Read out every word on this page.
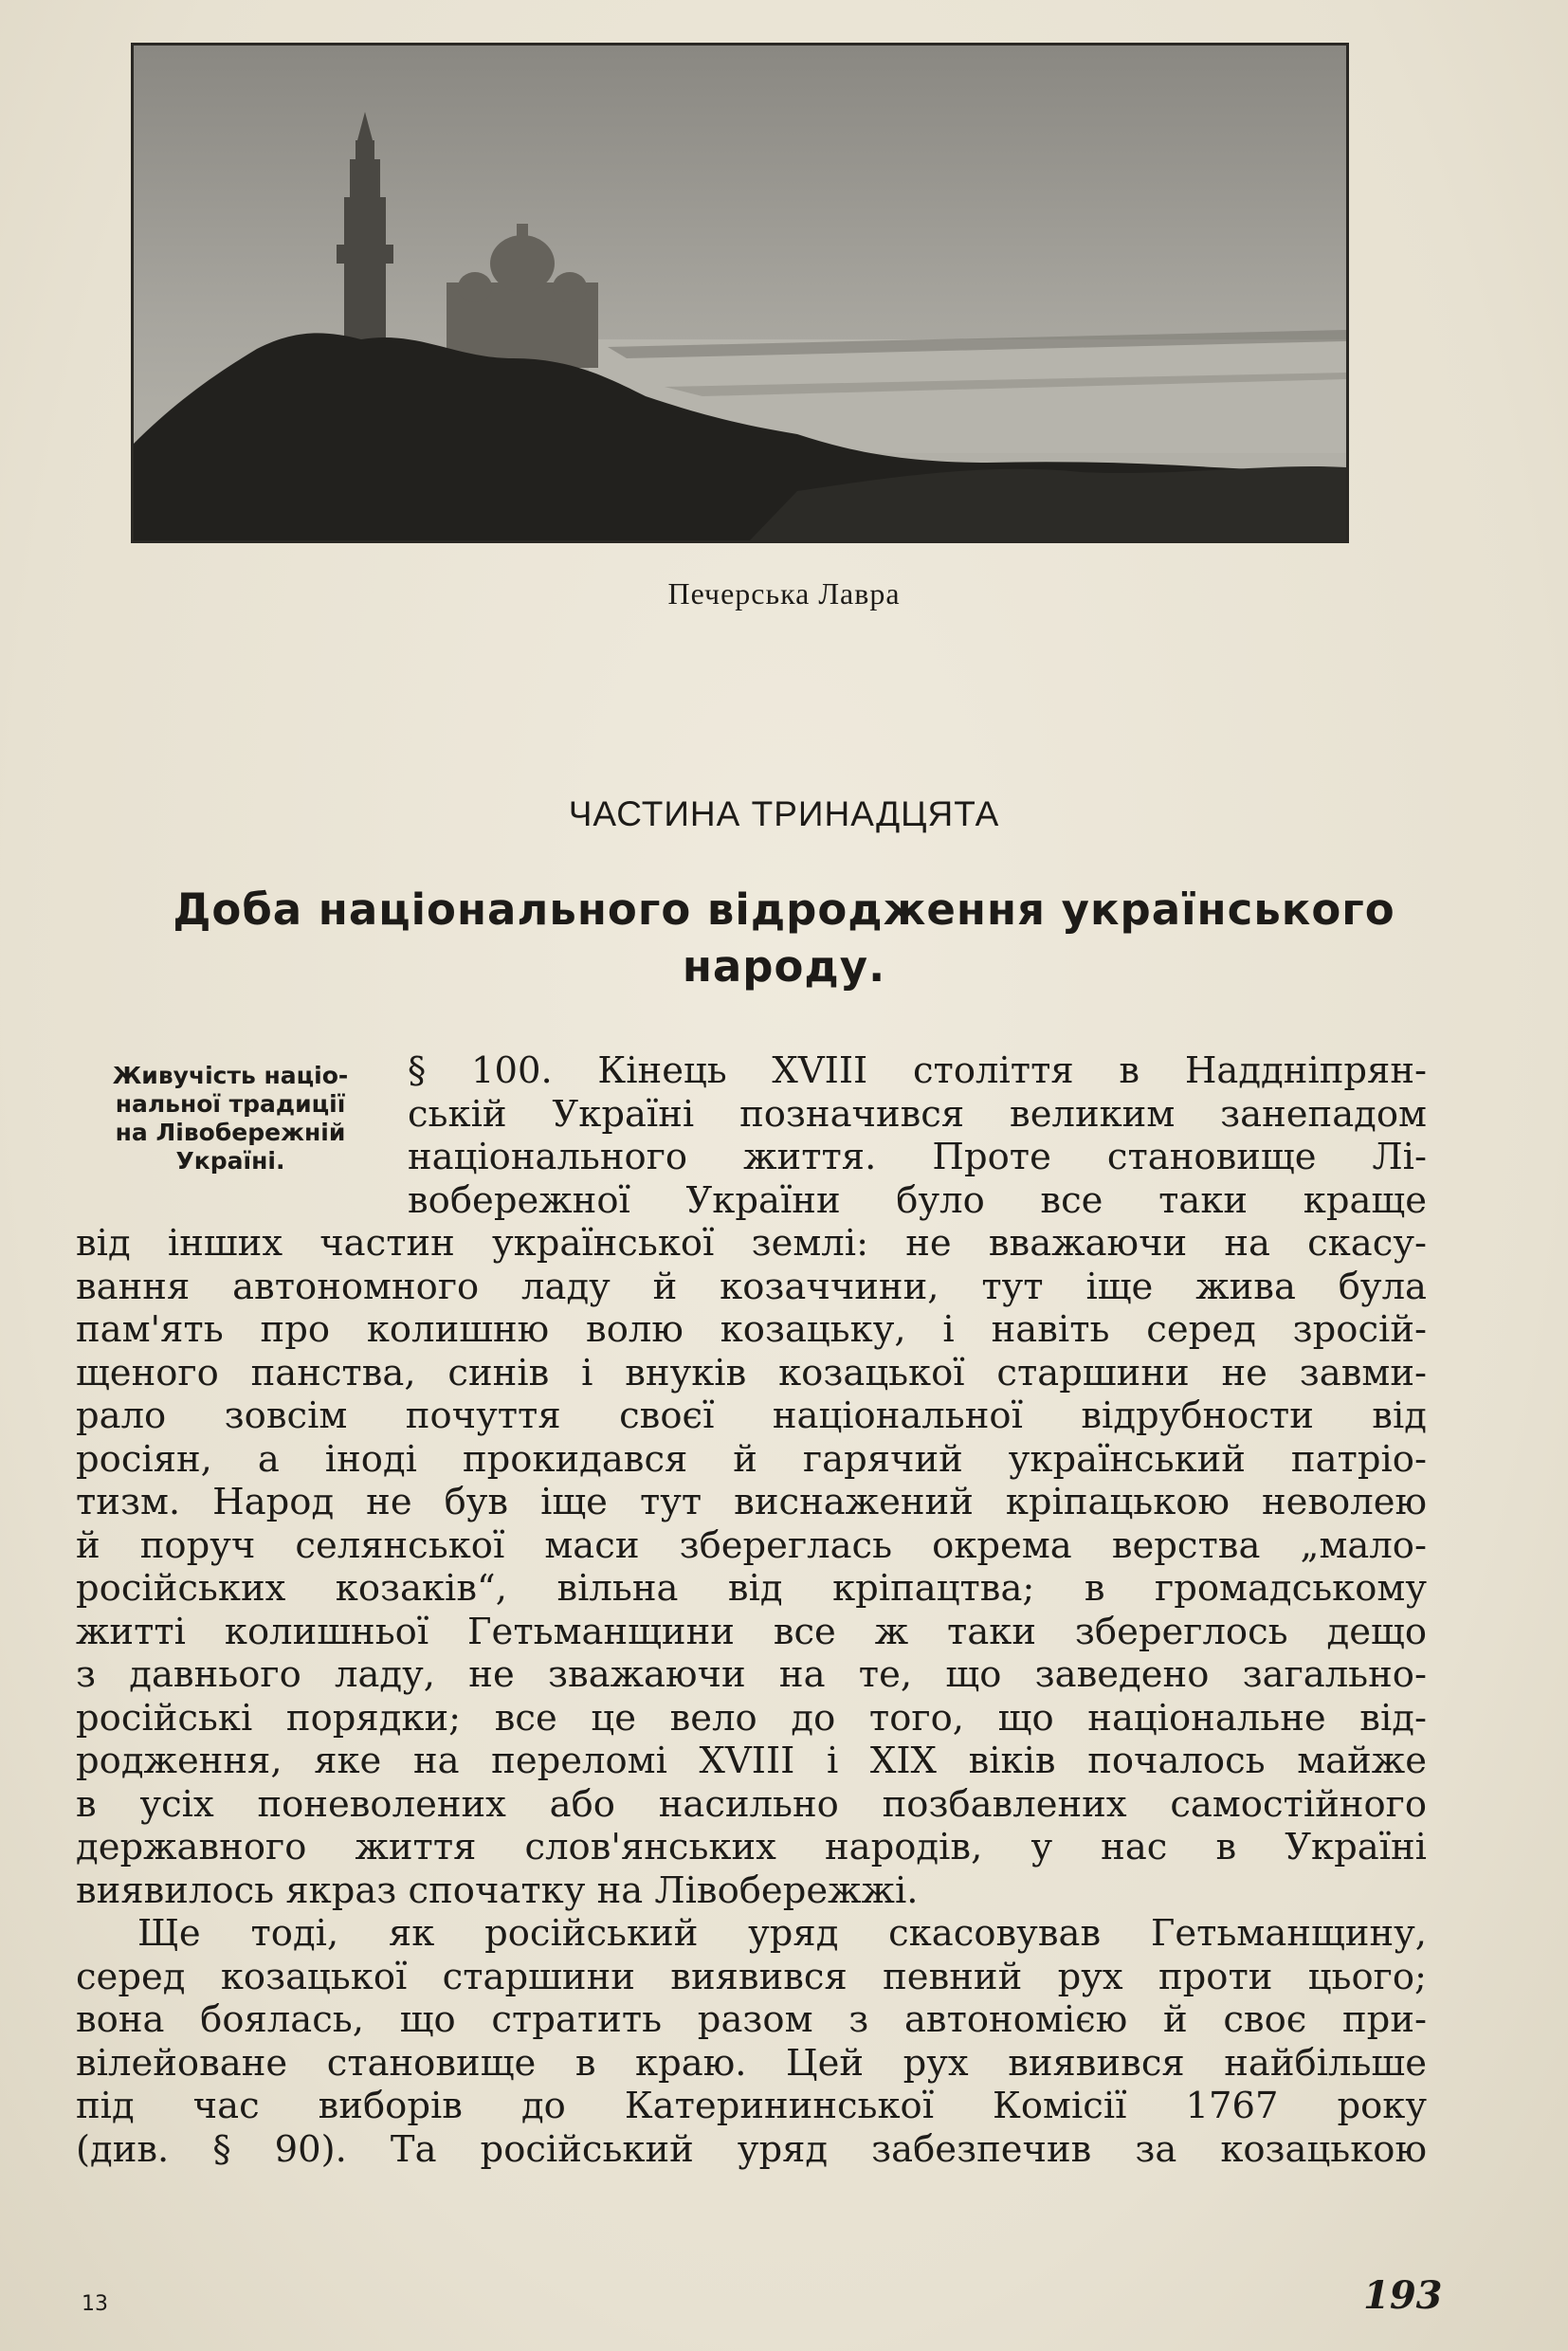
Печерська Лавра
ЧАСТИНА ТРИНАДЦЯТА
Доба національного відродження українського
народу.
Живучість націо-
нальної традиції
на Лівобережній
Україні.
§ 100. Кінець XVIII століття в Наддніпрян-
ській Україні позначився великим занепадом
національного життя. Проте становище Лі-
вобережної України було все таки краще
від інших частин української землі: не вважаючи на скасу-
вання автономного ладу й козаччини, тут іще жива була
пам'ять про колишню волю козацьку, і навіть серед зросій-
щеного панства, синів і внуків козацької старшини не завми-
рало зовсім почуття своєї національної відрубности від
росіян, а іноді прокидався й гарячий український патріо-
тизм. Народ не був іще тут виснажений кріпацькою неволею
й поруч селянської маси збереглась окрема верства „мало-
російських козаків“, вільна від кріпацтва; в громадському
житті колишньої Гетьманщини все ж таки збереглось дещо
з давнього ладу, не зважаючи на те, що заведено загально-
російські порядки; все це вело до того, що національне від-
родження, яке на переломі XVIII і XIX віків почалось майже
в усіх поневолених або насильно позбавлених самостійного
державного життя слов'янських народів, у нас в Україні
виявилось якраз спочатку на Лівобережжі.
Ще тоді, як російський уряд скасовував Гетьманщину,
серед козацької старшини виявився певний рух проти цього;
вона боялась, що стратить разом з автономією й своє при-
вілейоване становище в краю. Цей рух виявився найбільше
під час виборів до Катерининської Комісії 1767 року
(див. § 90). Та російський уряд забезпечив за козацькою
13	193
